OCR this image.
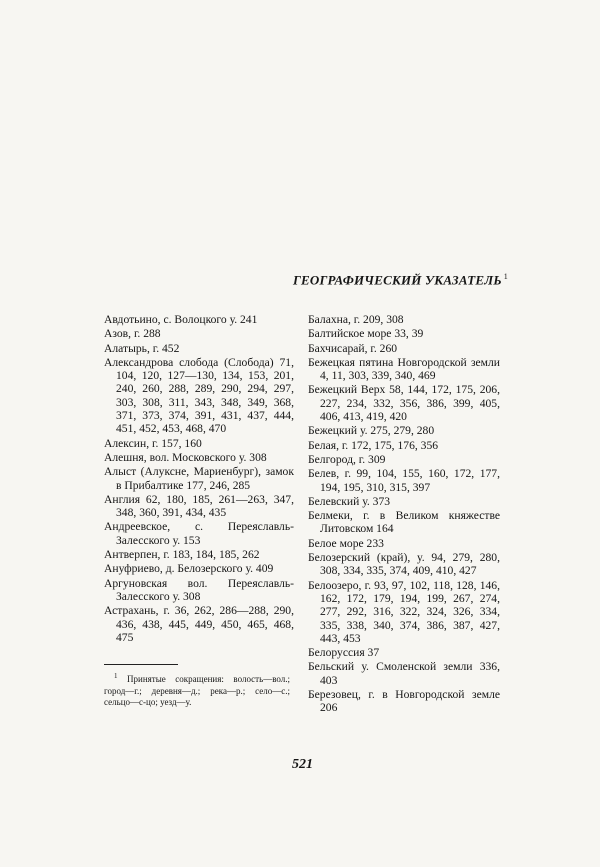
ГЕОГРАФИЧЕСКИЙ УКАЗАТЕЛЬ $^1$
Авдотьино, с. Волоцкого у. 241
Азов, г. 288
Алатырь, г. 452
Александрова слобода (Слобода) 71, 104, 120, 127—130, 134, 153, 201, 240, 260, 288, 289, 290, 294, 297, 303, 308, 311, 343, 348, 349, 368, 371, 373, 374, 391, 431, 437, 444, 451, 452, 453, 468, 470
Алексин, г. 157, 160
Алешня, вол. Московского у. 308
Алыст (Алуксне, Мариенбург), замок в Прибалтике 177, 246, 285
Англия 62, 180, 185, 261—263, 347, 348, 360, 391, 434, 435
Андреевское, с. Переяславль-Залесского у. 153
Антверпен, г. 183, 184, 185, 262
Ануфриево, д. Белозерского у. 409
Аргуновская вол. Переяславль-Залесского у. 308
Астрахань, г. 36, 262, 286—288, 290, 436, 438, 445, 449, 450, 465, 468, 475
Балахна, г. 209, 308
Балтийское море 33, 39
Бахчисарай, г. 260
Бежецкая пятина Новгородской земли 4, 11, 303, 339, 340, 469
Бежецкий Верх 58, 144, 172, 175, 206, 227, 234, 332, 356, 386, 399, 405, 406, 413, 419, 420
Бежецкий у. 275, 279, 280
Белая, г. 172, 175, 176, 356
Белгород, г. 309
Белев, г. 99, 104, 155, 160, 172, 177, 194, 195, 310, 315, 397
Белевский у. 373
Белмеки, г. в Великом княжестве Литовском 164
Белое море 233
Белозерский (край), у. 94, 279, 280, 308, 334, 335, 374, 409, 410, 427
Белоозеро, г. 93, 97, 102, 118, 128, 146, 162, 172, 179, 194, 199, 267, 274, 277, 292, 316, 322, 324, 326, 334, 335, 338, 340, 374, 386, 387, 427, 443, 453
Белоруссия 37
Бельский у. Смоленской земли 336, 403
Березовец, г. в Новгородской земле 206
$^1$ Принятые сокращения: волость—вол.; город—г.; деревня—д.; река—р.; село—с.; сельцо—с-цо; уезд—у.
521
